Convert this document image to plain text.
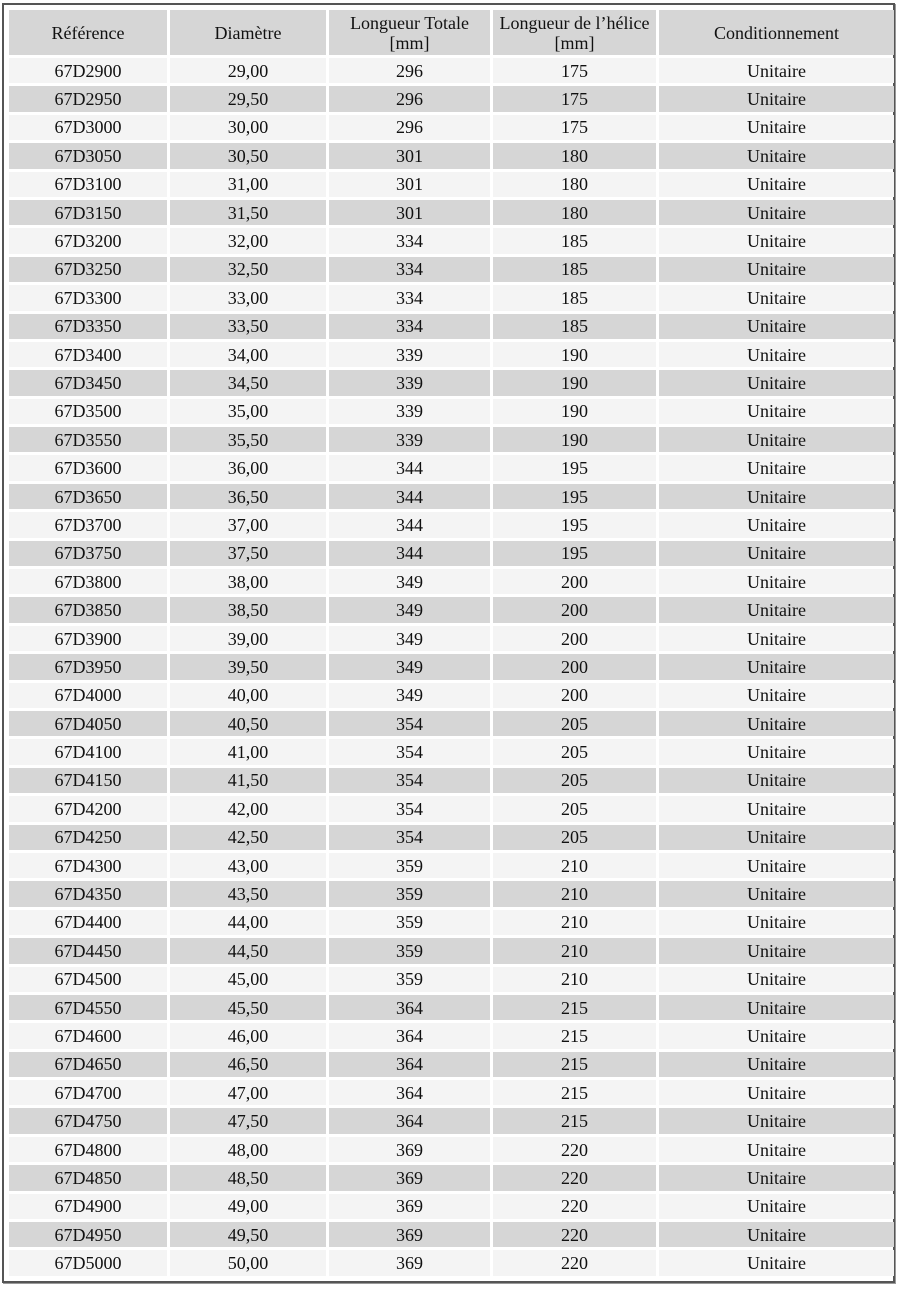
Référence	Diamètre	Longueur Totale [mm]	Longueur de l’hélice [mm]	Conditionnement
67D2900	29,00	296	175	Unitaire
67D2950	29,50	296	175	Unitaire
67D3000	30,00	296	175	Unitaire
67D3050	30,50	301	180	Unitaire
67D3100	31,00	301	180	Unitaire
67D3150	31,50	301	180	Unitaire
67D3200	32,00	334	185	Unitaire
67D3250	32,50	334	185	Unitaire
67D3300	33,00	334	185	Unitaire
67D3350	33,50	334	185	Unitaire
67D3400	34,00	339	190	Unitaire
67D3450	34,50	339	190	Unitaire
67D3500	35,00	339	190	Unitaire
67D3550	35,50	339	190	Unitaire
67D3600	36,00	344	195	Unitaire
67D3650	36,50	344	195	Unitaire
67D3700	37,00	344	195	Unitaire
67D3750	37,50	344	195	Unitaire
67D3800	38,00	349	200	Unitaire
67D3850	38,50	349	200	Unitaire
67D3900	39,00	349	200	Unitaire
67D3950	39,50	349	200	Unitaire
67D4000	40,00	349	200	Unitaire
67D4050	40,50	354	205	Unitaire
67D4100	41,00	354	205	Unitaire
67D4150	41,50	354	205	Unitaire
67D4200	42,00	354	205	Unitaire
67D4250	42,50	354	205	Unitaire
67D4300	43,00	359	210	Unitaire
67D4350	43,50	359	210	Unitaire
67D4400	44,00	359	210	Unitaire
67D4450	44,50	359	210	Unitaire
67D4500	45,00	359	210	Unitaire
67D4550	45,50	364	215	Unitaire
67D4600	46,00	364	215	Unitaire
67D4650	46,50	364	215	Unitaire
67D4700	47,00	364	215	Unitaire
67D4750	47,50	364	215	Unitaire
67D4800	48,00	369	220	Unitaire
67D4850	48,50	369	220	Unitaire
67D4900	49,00	369	220	Unitaire
67D4950	49,50	369	220	Unitaire
67D5000	50,00	369	220	Unitaire
